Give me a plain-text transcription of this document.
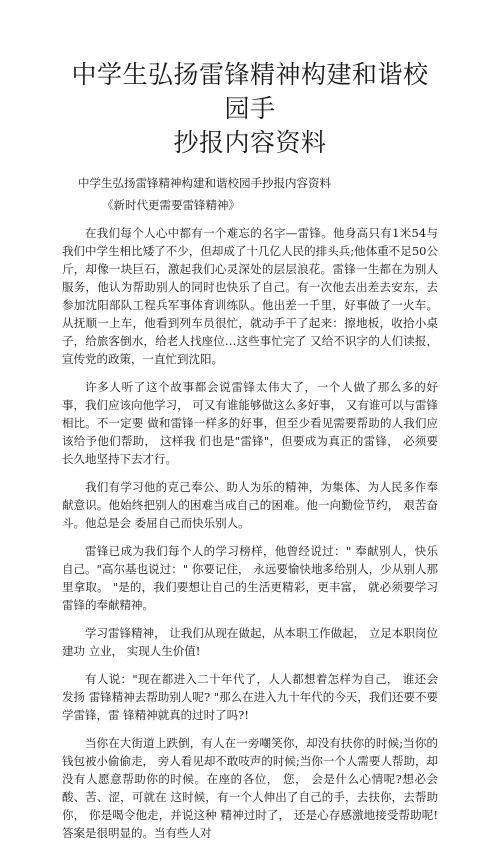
中学生弘扬雷锋精神构建和谐校园手
抄报内容资料

中学生弘扬雷锋精神构建和谐校园手抄报内容资料

《新时代更需要雷锋精神》

在我们每个人心中都有一个难忘的名字—雷锋。他身高只有1米54与我们中学生相比矮了不少，但却成了十几亿人民的排头兵;他体重不足50公斤，却像一块巨石，激起我们心灵深处的层层浪花。雷锋一生都在为别人服务，他认为帮助别人的同时也快乐了自己。有一次他去出差去安东，去参加沈阳部队工程兵军事体育训练队。他出差一千里，好事做了一火车。从抚顺一上车，他看到列车员很忙，就动手干了起来：擦地板，收拾小桌子，给旅客倒水，给老人找座位…这些事忙完了 又给不识字的人们读报， 宣传党的政策，一直忙到沈阳。

许多人听了这个故事都会说雷锋太伟大了，一个人做了那么多的好事，我们应该向他学习， 可又有谁能够做这么多好事， 又有谁可以与雷锋相比。不一定要 做和雷锋一样多的好事，但至少看见需要帮助的人我们应该给予他们帮助， 这样我 们也是"雷锋"，但要成为真正的雷锋， 必须要长久地坚持下去才行。

我们有学习他的克己奉公、助人为乐的精神，为集体、为人民多作奉献意识。他始终把别人的困难当成自己的困难。他一向勤俭节约， 艰苦奋斗。他总是会 委屈自己而快乐别人。

雷锋已成为我们每个人的学习榜样，他曾经说过：" 奉献别人，快乐自己。"高尔基也说过：" 你要记住， 永远要愉快地多给别人，少从别人那里拿取。 "是的，我们要想让自己的生活更精彩，更丰富， 就必须要学习雷锋的奉献精神。

学习雷锋精神， 让我们从现在做起，从本职工作做起， 立足本职岗位建功 立业， 实现人生价值!

有人说："现在都进入二十年代了，人人都想着怎样为自己， 谁还会发扬 雷锋精神去帮助别人呢? "那么在进入九十年代的今天，我们还要不要学雷锋，雷 锋精神就真的过时了吗?!

当你在大街道上跌倒，有人在一旁嘲笑你，却没有扶你的时候;当你的钱包被小偷偷走， 旁人看见却不敢吱声的时候;当你一个人需要人帮助，却没有人愿意帮助你的时候。在座的各位， 您， 会是什么心情呢?想必会酸、苦、涩，可就在 这时候，有一个人伸出了自己的手，去扶你，去帮助你， 你是喝令他走，并说这种 精神过时了， 还是心存感激地接受帮助呢!答案是很明显的。当有些人对
